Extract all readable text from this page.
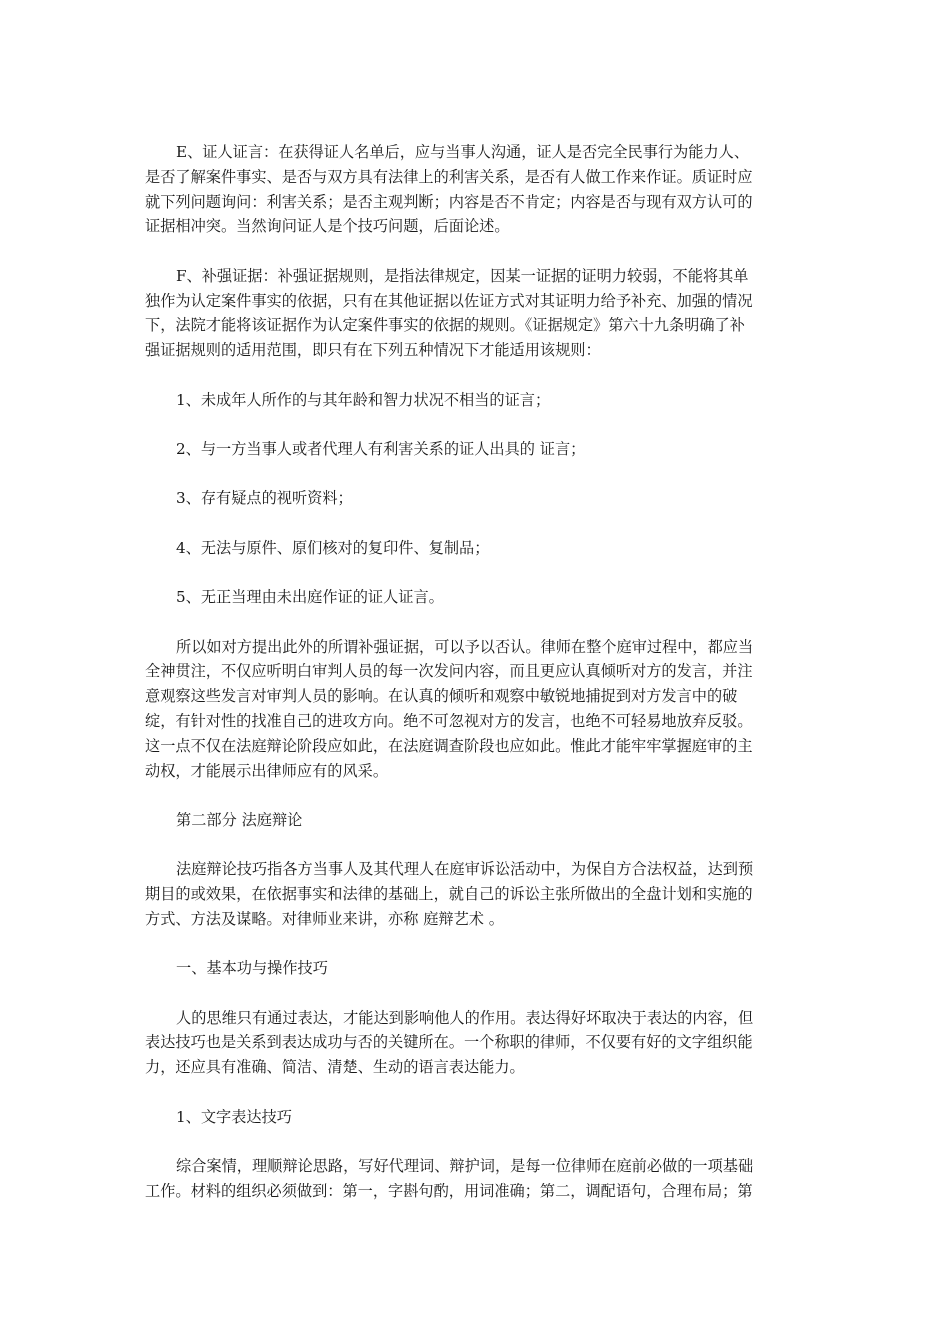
E、证人证言：在获得证人名单后，应与当事人沟通，证人是否完全民事行为能力人、
是否了解案件事实、是否与双方具有法律上的利害关系，是否有人做工作来作证。质证时应
就下列问题询问：利害关系；是否主观判断；内容是否不肯定；内容是否与现有双方认可的
证据相冲突。当然询问证人是个技巧问题，后面论述。

F、补强证据：补强证据规则，是指法律规定，因某一证据的证明力较弱，不能将其单
独作为认定案件事实的依据，只有在其他证据以佐证方式对其证明力给予补充、加强的情况
下，法院才能将该证据作为认定案件事实的依据的规则。《证据规定》第六十九条明确了补
强证据规则的适用范围，即只有在下列五种情况下才能适用该规则：

1、未成年人所作的与其年龄和智力状况不相当的证言；

2、与一方当事人或者代理人有利害关系的证人出具的 证言；

3、存有疑点的视听资料；

4、无法与原件、原们核对的复印件、复制品；

5、无正当理由未出庭作证的证人证言。

所以如对方提出此外的所谓补强证据，可以予以否认。律师在整个庭审过程中，都应当
全神贯注，不仅应听明白审判人员的每一次发问内容，而且更应认真倾听对方的发言，并注
意观察这些发言对审判人员的影响。在认真的倾听和观察中敏锐地捕捉到对方发言中的破
绽，有针对性的找准自己的进攻方向。绝不可忽视对方的发言，也绝不可轻易地放弃反驳。
这一点不仅在法庭辩论阶段应如此，在法庭调查阶段也应如此。惟此才能牢牢掌握庭审的主
动权，才能展示出律师应有的风采。

第二部分 法庭辩论

法庭辩论技巧指各方当事人及其代理人在庭审诉讼活动中，为保自方合法权益，达到预
期目的或效果，在依据事实和法律的基础上，就自己的诉讼主张所做出的全盘计划和实施的
方式、方法及谋略。对律师业来讲，亦称 庭辩艺术 。

一、基本功与操作技巧

人的思维只有通过表达，才能达到影响他人的作用。表达得好坏取决于表达的内容，但
表达技巧也是关系到表达成功与否的关键所在。一个称职的律师，不仅要有好的文字组织能
力，还应具有准确、简洁、清楚、生动的语言表达能力。

1、文字表达技巧

综合案情，理顺辩论思路，写好代理词、辩护词，是每一位律师在庭前必做的一项基础
工作。材料的组织必须做到：第一，字斟句酌，用词准确；第二，调配语句，合理布局；第
